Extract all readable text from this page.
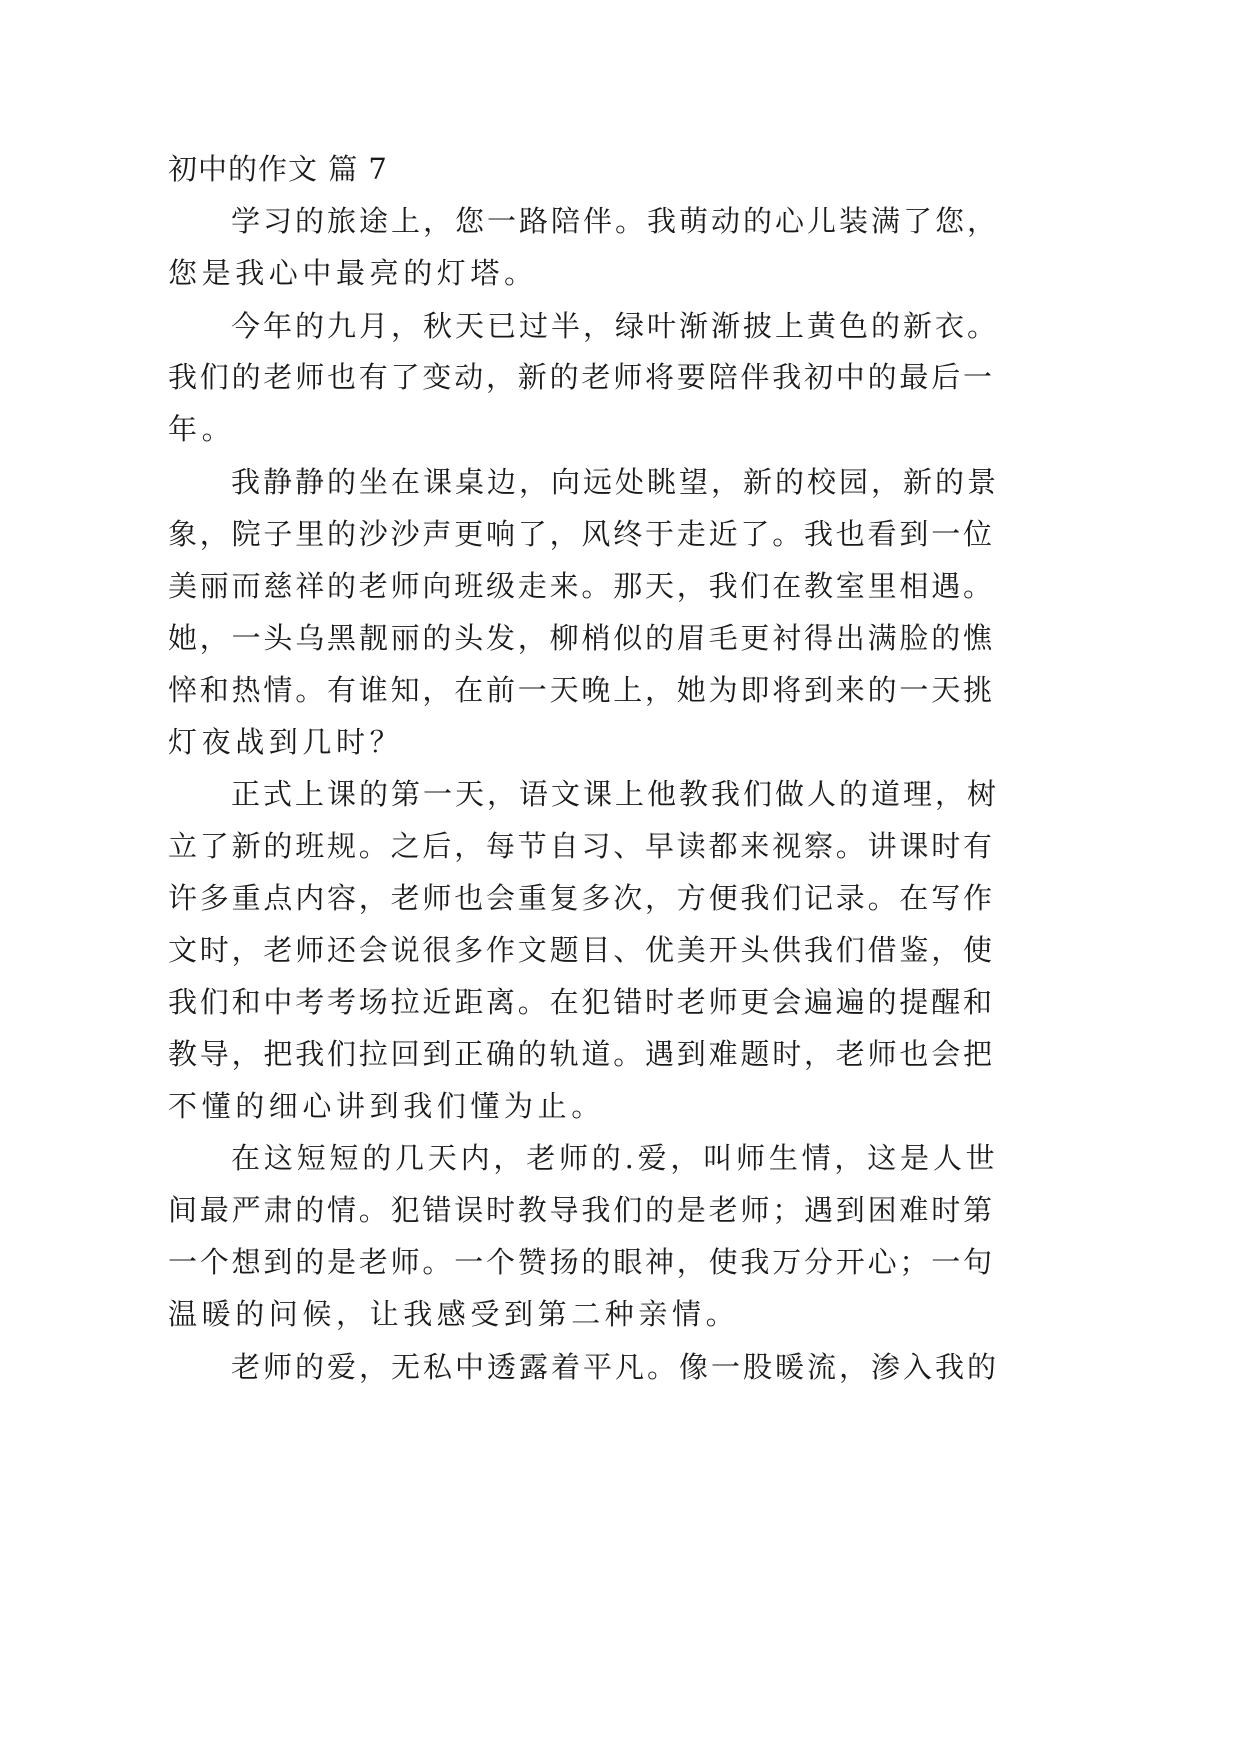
初中的作文 篇 7
学习的旅途上，您一路陪伴。我萌动的心儿装满了您，
您是我心中最亮的灯塔。
今年的九月，秋天已过半，绿叶渐渐披上黄色的新衣。
我们的老师也有了变动，新的老师将要陪伴我初中的最后一
年。
我静静的坐在课桌边，向远处眺望，新的校园，新的景
象，院子里的沙沙声更响了，风终于走近了。我也看到一位
美丽而慈祥的老师向班级走来。那天，我们在教室里相遇。
她，一头乌黑靓丽的头发，柳梢似的眉毛更衬得出满脸的憔
悴和热情。有谁知，在前一天晚上，她为即将到来的一天挑
灯夜战到几时？
正式上课的第一天，语文课上他教我们做人的道理，树
立了新的班规。之后，每节自习、早读都来视察。讲课时有
许多重点内容，老师也会重复多次，方便我们记录。在写作
文时，老师还会说很多作文题目、优美开头供我们借鉴，使
我们和中考考场拉近距离。在犯错时老师更会遍遍的提醒和
教导，把我们拉回到正确的轨道。遇到难题时，老师也会把
不懂的细心讲到我们懂为止。
在这短短的几天内，老师的.爱，叫师生情，这是人世
间最严肃的情。犯错误时教导我们的是老师；遇到困难时第
一个想到的是老师。一个赞扬的眼神，使我万分开心；一句
温暖的问候，让我感受到第二种亲情。
老师的爱，无私中透露着平凡。像一股暖流，渗入我的
